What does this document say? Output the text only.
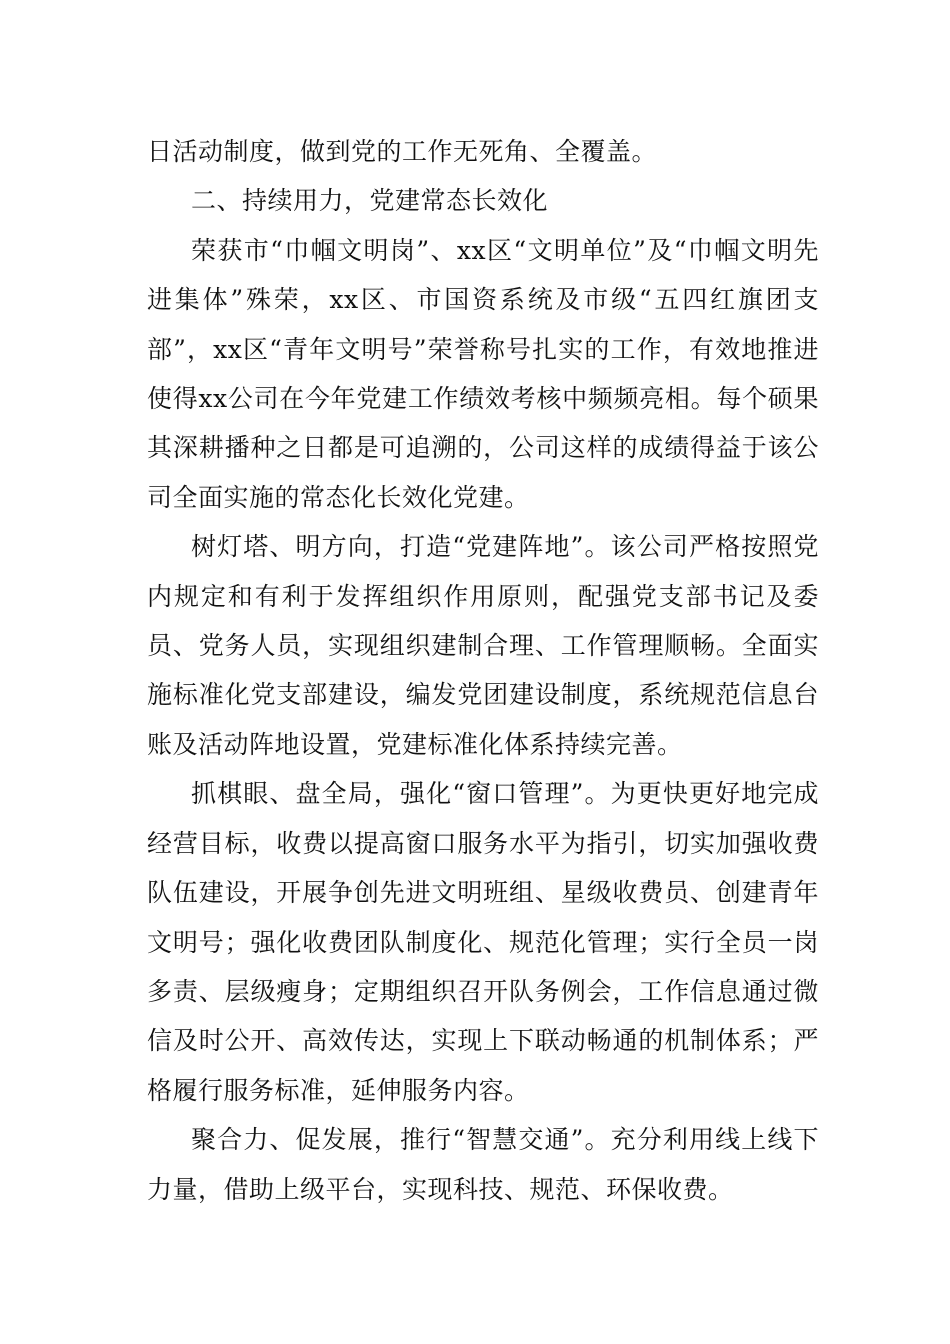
日活动制度，做到党的工作无死角、全覆盖。

二、持续用力，党建常态长效化

荣获市“巾帼文明岗”、xx区“文明单位”及“巾帼文明先进集体”殊荣，xx区、市国资系统及市级“五四红旗团支部”，xx区“青年文明号”荣誉称号扎实的工作，有效地推进使得xx公司在今年党建工作绩效考核中频频亮相。每个硕果其深耕播种之日都是可追溯的，公司这样的成绩得益于该公司全面实施的常态化长效化党建。

树灯塔、明方向，打造“党建阵地”。该公司严格按照党内规定和有利于发挥组织作用原则，配强党支部书记及委员、党务人员，实现组织建制合理、工作管理顺畅。全面实施标准化党支部建设，编发党团建设制度，系统规范信息台账及活动阵地设置，党建标准化体系持续完善。

抓棋眼、盘全局，强化“窗口管理”。为更快更好地完成经营目标，收费以提高窗口服务水平为指引，切实加强收费队伍建设，开展争创先进文明班组、星级收费员、创建青年文明号；强化收费团队制度化、规范化管理；实行全员一岗多责、层级瘦身；定期组织召开队务例会，工作信息通过微信及时公开、高效传达，实现上下联动畅通的机制体系；严格履行服务标准，延伸服务内容。

聚合力、促发展，推行“智慧交通”。充分利用线上线下力量，借助上级平台，实现科技、规范、环保收费。
